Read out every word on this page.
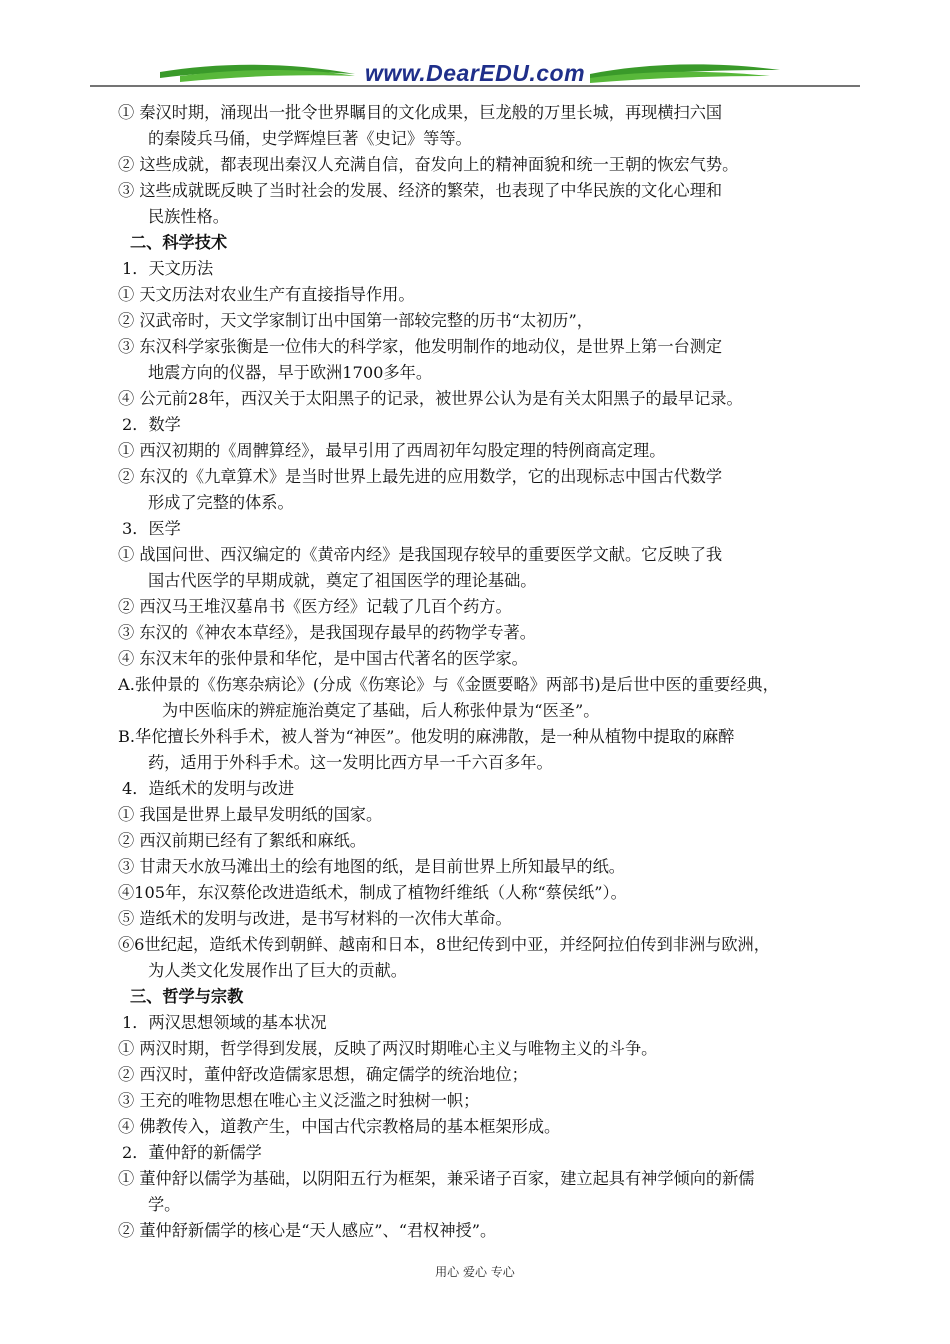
www.DearEDU.com
① 秦汉时期，涌现出一批令世界瞩目的文化成果，巨龙般的万里长城，再现横扫六国
的秦陵兵马俑，史学辉煌巨著《史记》等等。
② 这些成就，都表现出秦汉人充满自信，奋发向上的精神面貌和统一王朝的恢宏气势。
③ 这些成就既反映了当时社会的发展、经济的繁荣，也表现了中华民族的文化心理和
民族性格。
二、科学技术
1．天文历法
① 天文历法对农业生产有直接指导作用。
② 汉武帝时，天文学家制订出中国第一部较完整的历书“太初历”，
③ 东汉科学家张衡是一位伟大的科学家，他发明制作的地动仪，是世界上第一台测定
地震方向的仪器，早于欧洲1700多年。
④ 公元前28年，西汉关于太阳黑子的记录，被世界公认为是有关太阳黑子的最早记录。
2．数学
① 西汉初期的《周髀算经》，最早引用了西周初年勾股定理的特例商高定理。
② 东汉的《九章算术》是当时世界上最先进的应用数学，它的出现标志中国古代数学
形成了完整的体系。
3．医学
① 战国问世、西汉编定的《黄帝内经》是我国现存较早的重要医学文献。它反映了我
国古代医学的早期成就，奠定了祖国医学的理论基础。
② 西汉马王堆汉墓帛书《医方经》记载了几百个药方。
③ 东汉的《神农本草经》，是我国现存最早的药物学专著。
④ 东汉末年的张仲景和华佗，是中国古代著名的医学家。
A.张仲景的《伤寒杂病论》(分成《伤寒论》与《金匮要略》两部书)是后世中医的重要经典，
为中医临床的辨症施治奠定了基础，后人称张仲景为“医圣”。
B.华佗擅长外科手术，被人誉为“神医”。他发明的麻沸散，是一种从植物中提取的麻醉
药，适用于外科手术。这一发明比西方早一千六百多年。
4．造纸术的发明与改进
① 我国是世界上最早发明纸的国家。
② 西汉前期已经有了絮纸和麻纸。
③ 甘肃天水放马滩出土的绘有地图的纸，是目前世界上所知最早的纸。
④105年，东汉蔡伦改进造纸术，制成了植物纤维纸（人称“蔡侯纸”）。
⑤ 造纸术的发明与改进，是书写材料的一次伟大革命。
⑥6世纪起，造纸术传到朝鲜、越南和日本，8世纪传到中亚，并经阿拉伯传到非洲与欧洲，
为人类文化发展作出了巨大的贡献。
三、哲学与宗教
1．两汉思想领域的基本状况
① 两汉时期，哲学得到发展，反映了两汉时期唯心主义与唯物主义的斗争。
② 西汉时，董仲舒改造儒家思想，确定儒学的统治地位；
③ 王充的唯物思想在唯心主义泛滥之时独树一帜；
④ 佛教传入，道教产生，中国古代宗教格局的基本框架形成。
2．董仲舒的新儒学
① 董仲舒以儒学为基础，以阴阳五行为框架，兼采诸子百家，建立起具有神学倾向的新儒
学。
② 董仲舒新儒学的核心是“天人感应”、“君权神授”。
用心 爱心 专心
